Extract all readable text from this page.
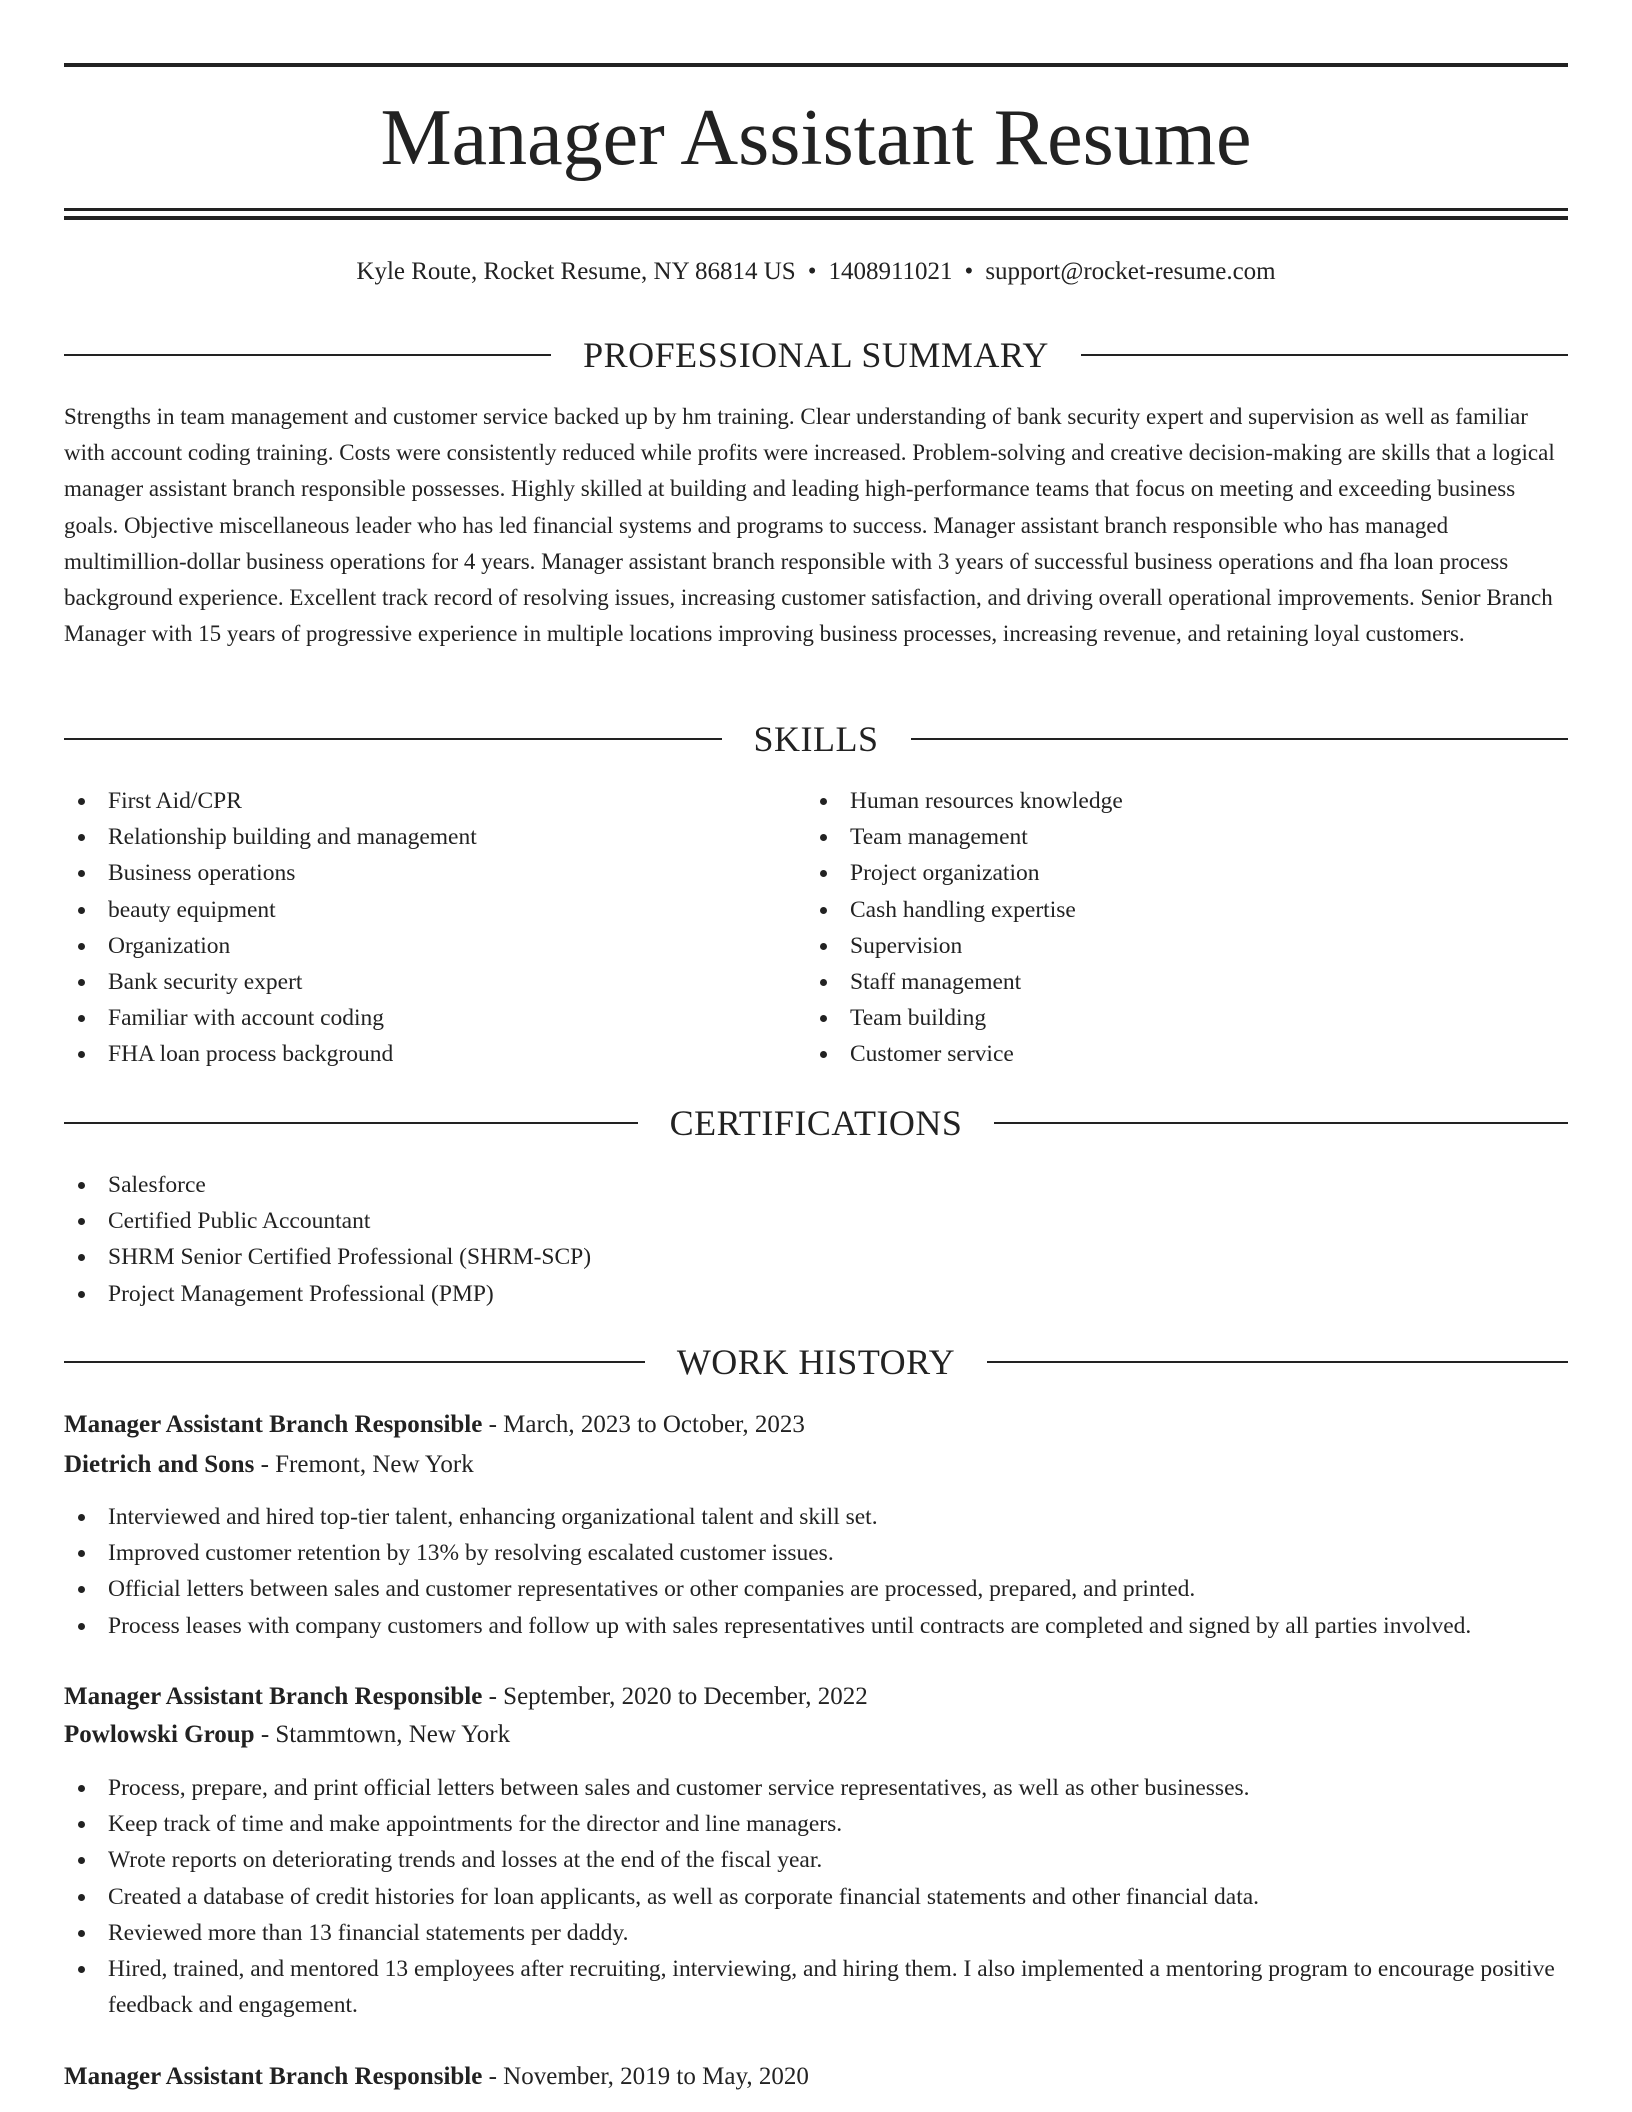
Manager Assistant Resume
Kyle Route, Rocket Resume, NY 86814 US • 1408911021 • support@rocket-resume.com
PROFESSIONAL SUMMARY

Strengths in team management and customer service backed up by hm training. Clear understanding of bank security expert and supervision as well as familiar with account coding training. Costs were consistently reduced while profits were increased. Problem-solving and creative decision-making are skills that a logical manager assistant branch responsible possesses. Highly skilled at building and leading high-performance teams that focus on meeting and exceeding business goals. Objective miscellaneous leader who has led financial systems and programs to success. Manager assistant branch responsible who has managed multimillion-dollar business operations for 4 years. Manager assistant branch responsible with 3 years of successful business operations and fha loan process background experience. Excellent track record of resolving issues, increasing customer satisfaction, and driving overall operational improvements. Senior Branch Manager with 15 years of progressive experience in multiple locations improving business processes, increasing revenue, and retaining loyal customers.

SKILLS
First Aid/CPR
Relationship building and management
Business operations
beauty equipment
Organization
Bank security expert
Familiar with account coding
FHA loan process background
Human resources knowledge
Team management
Project organization
Cash handling expertise
Supervision
Staff management
Team building
Customer service
CERTIFICATIONS
Salesforce
Certified Public Accountant
SHRM Senior Certified Professional (SHRM-SCP)
Project Management Professional (PMP)
WORK HISTORY
Manager Assistant Branch Responsible - March, 2023 to October, 2023
Dietrich and Sons - Fremont, New York
Interviewed and hired top-tier talent, enhancing organizational talent and skill set.
Improved customer retention by 13% by resolving escalated customer issues.
Official letters between sales and customer representatives or other companies are processed, prepared, and printed.
Process leases with company customers and follow up with sales representatives until contracts are completed and signed by all parties involved.
Manager Assistant Branch Responsible - September, 2020 to December, 2022
Powlowski Group - Stammtown, New York
Process, prepare, and print official letters between sales and customer service representatives, as well as other businesses.
Keep track of time and make appointments for the director and line managers.
Wrote reports on deteriorating trends and losses at the end of the fiscal year.
Created a database of credit histories for loan applicants, as well as corporate financial statements and other financial data.
Reviewed more than 13 financial statements per daddy.
Hired, trained, and mentored 13 employees after recruiting, interviewing, and hiring them. I also implemented a mentoring program to encourage positive feedback and engagement.
Manager Assistant Branch Responsible - November, 2019 to May, 2020
